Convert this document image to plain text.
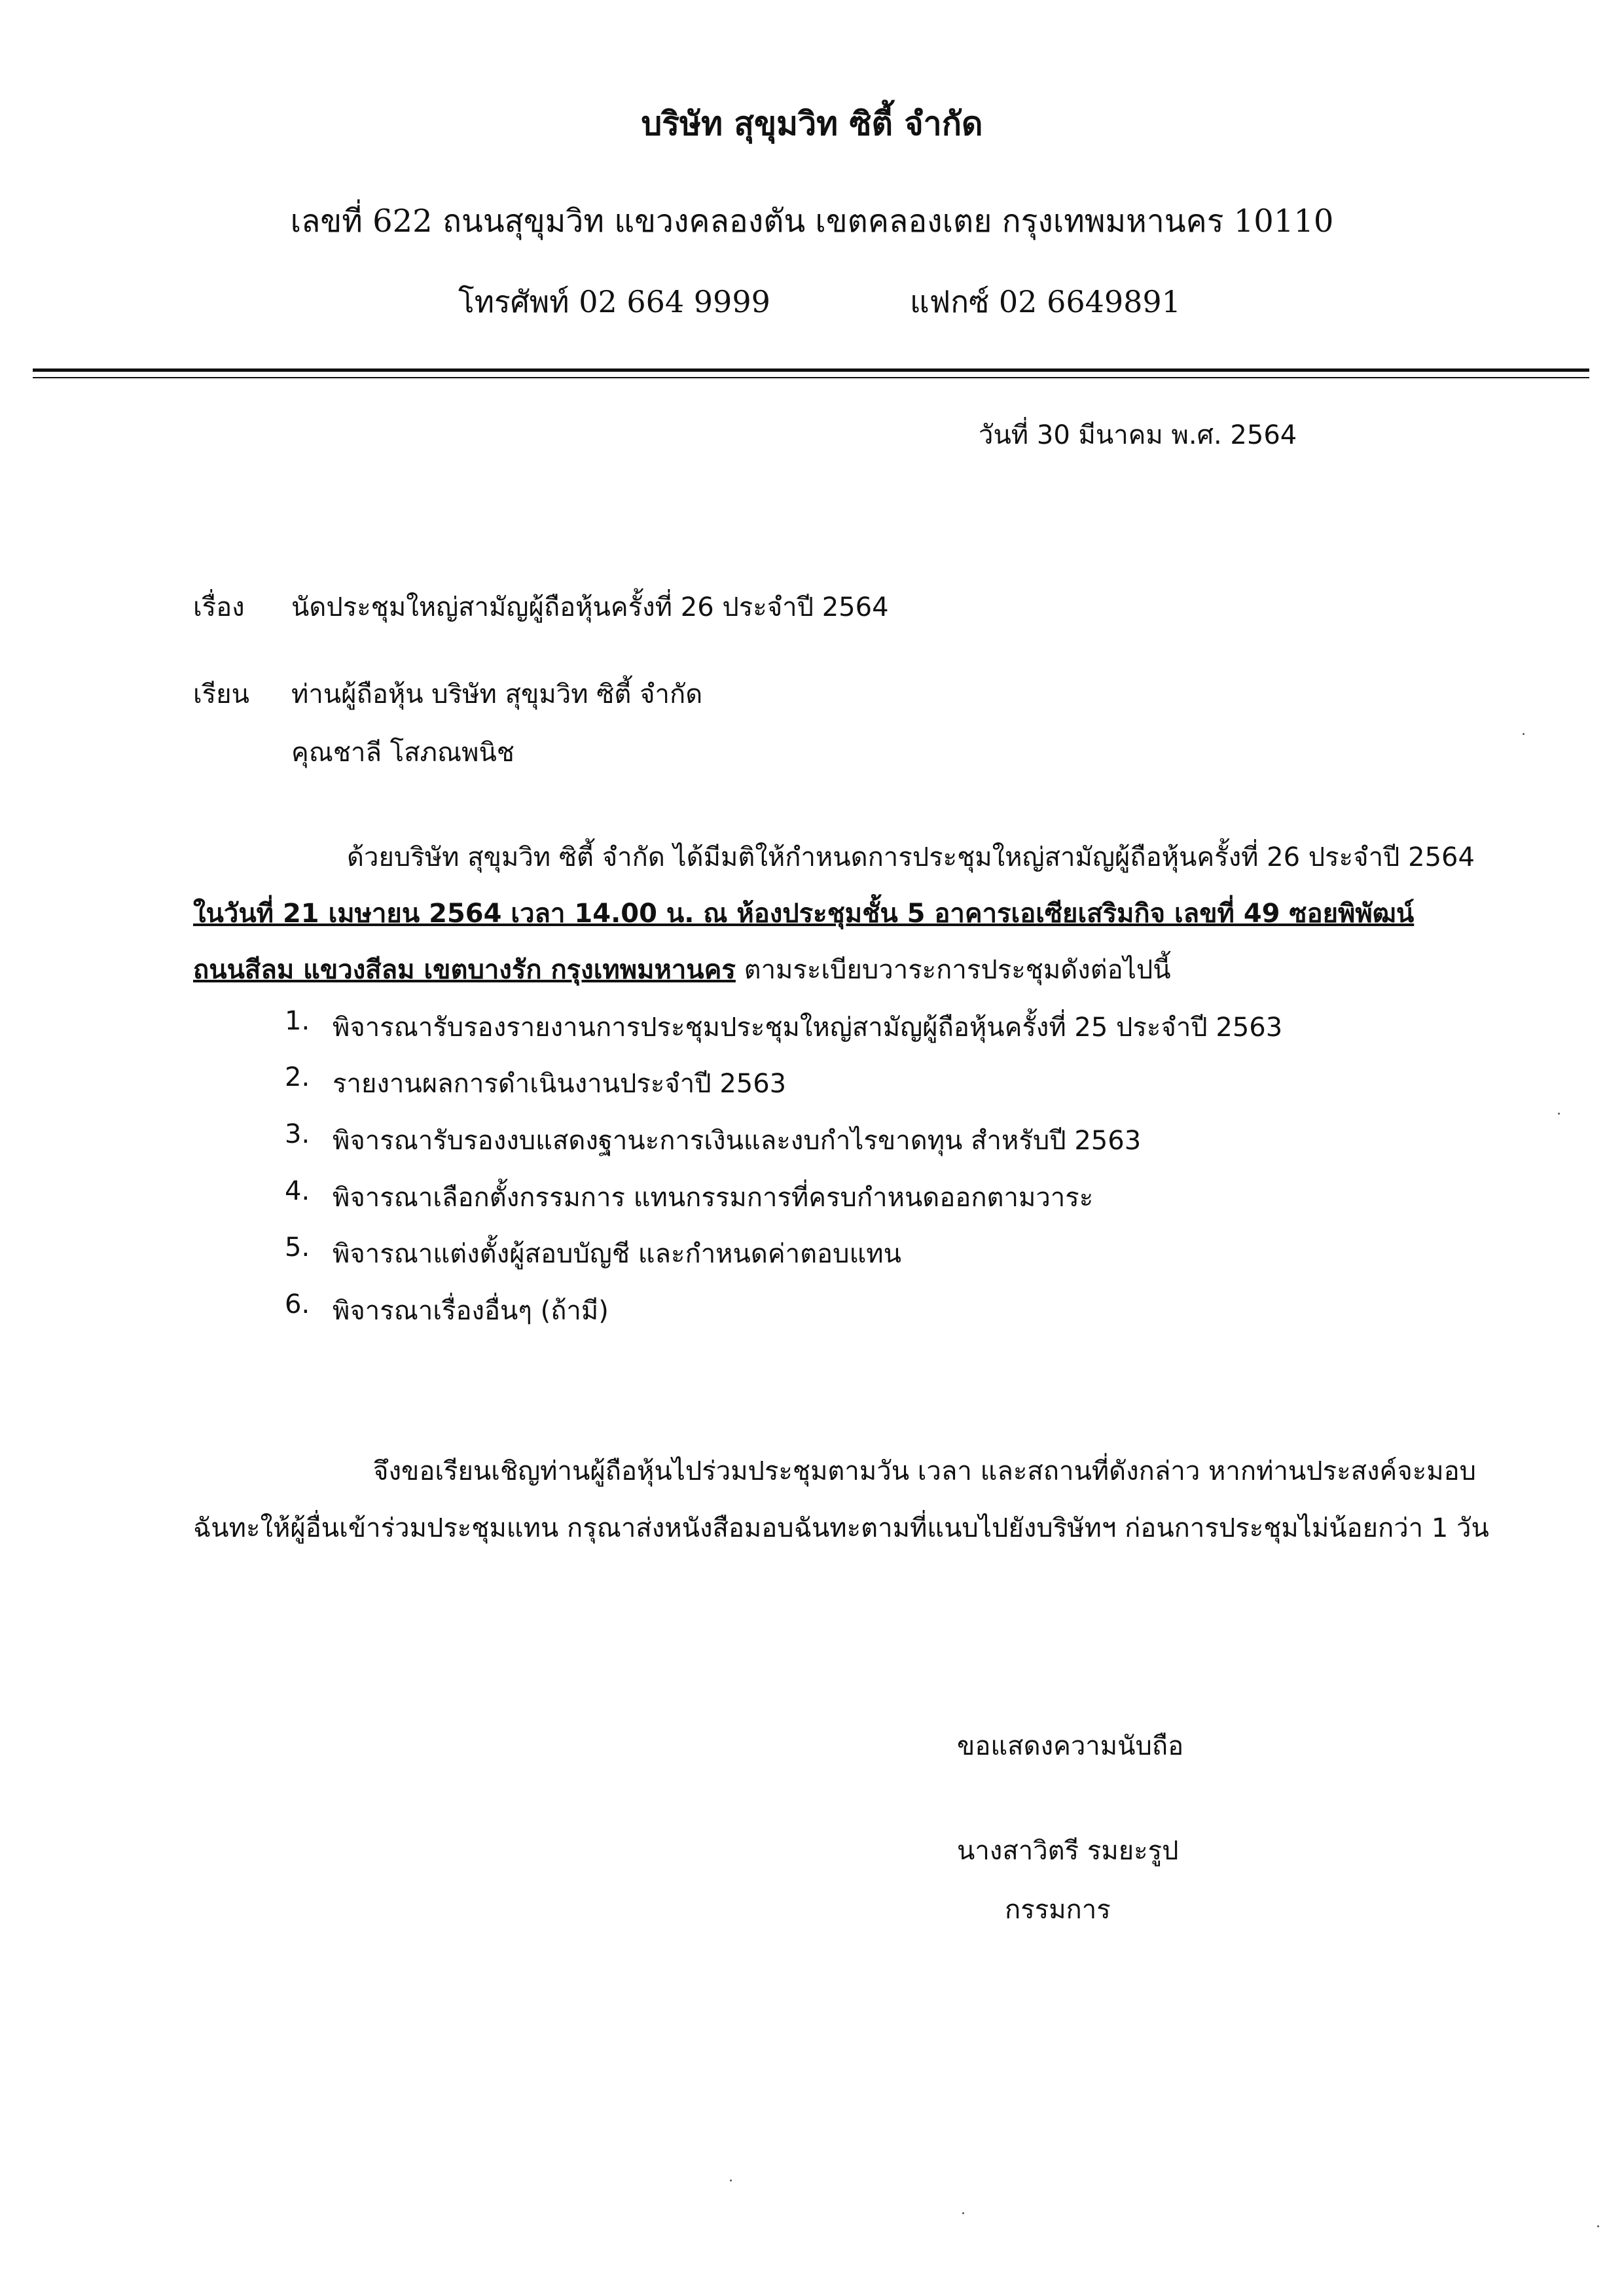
บริษัท สุขุมวิท ซิตี้ จำกัด
เลขที่ 622 ถนนสุขุมวิท แขวงคลองตัน เขตคลองเตย กรุงเทพมหานคร 10110
โทรศัพท์ 02 664 9999	แฟกซ์ 02 6649891
วันที่ 30 มีนาคม พ.ศ. 2564
เรื่อง นัดประชุมใหญ่สามัญผู้ถือหุ้นครั้งที่ 26 ประจำปี 2564
เรียน ท่านผู้ถือหุ้น บริษัท สุขุมวิท ซิตี้ จำกัด
คุณชาลี โสภณพนิช
ด้วยบริษัท สุขุมวิท ซิตี้ จำกัด ได้มีมติให้กำหนดการประชุมใหญ่สามัญผู้ถือหุ้นครั้งที่ 26 ประจำปี 2564
ในวันที่ 21 เมษายน 2564 เวลา 14.00 น. ณ ห้องประชุมชั้น 5 อาคารเอเซียเสริมกิจ เลขที่ 49 ซอยพิพัฒน์
ถนนสีลม แขวงสีลม เขตบางรัก กรุงเทพมหานคร ตามระเบียบวาระการประชุมดังต่อไปนี้
1. พิจารณารับรองรายงานการประชุมประชุมใหญ่สามัญผู้ถือหุ้นครั้งที่ 25 ประจำปี 2563
2. รายงานผลการดำเนินงานประจำปี 2563
3. พิจารณารับรองงบแสดงฐานะการเงินและงบกำไรขาดทุน สำหรับปี 2563
4. พิจารณาเลือกตั้งกรรมการ แทนกรรมการที่ครบกำหนดออกตามวาระ
5. พิจารณาแต่งตั้งผู้สอบบัญชี และกำหนดค่าตอบแทน
6. พิจารณาเรื่องอื่นๆ (ถ้ามี)
จึงขอเรียนเชิญท่านผู้ถือหุ้นไปร่วมประชุมตามวัน เวลา และสถานที่ดังกล่าว หากท่านประสงค์จะมอบ
ฉันทะให้ผู้อื่นเข้าร่วมประชุมแทน กรุณาส่งหนังสือมอบฉันทะตามที่แนบไปยังบริษัทฯ ก่อนการประชุมไม่น้อยกว่า 1 วัน
ขอแสดงความนับถือ
นางสาวิตรี รมยะรูป
กรรมการ
